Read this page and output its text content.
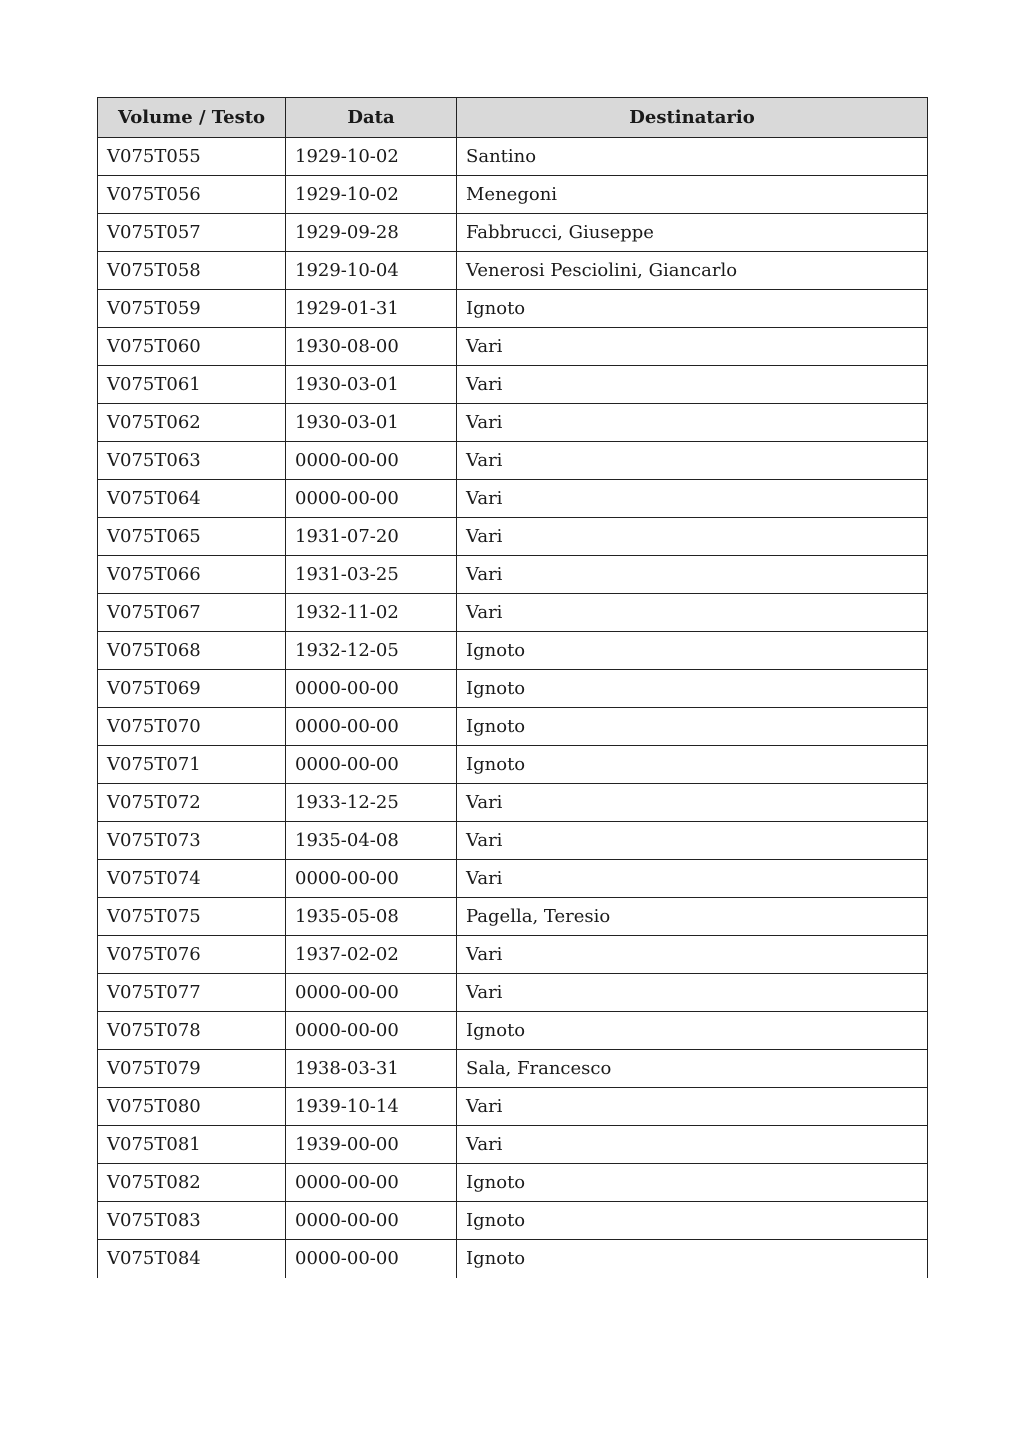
Volume / Testo	Data	Destinatario
V075T055	1929-10-02	Santino
V075T056	1929-10-02	Menegoni
V075T057	1929-09-28	Fabbrucci, Giuseppe
V075T058	1929-10-04	Venerosi Pesciolini, Giancarlo
V075T059	1929-01-31	Ignoto
V075T060	1930-08-00	Vari
V075T061	1930-03-01	Vari
V075T062	1930-03-01	Vari
V075T063	0000-00-00	Vari
V075T064	0000-00-00	Vari
V075T065	1931-07-20	Vari
V075T066	1931-03-25	Vari
V075T067	1932-11-02	Vari
V075T068	1932-12-05	Ignoto
V075T069	0000-00-00	Ignoto
V075T070	0000-00-00	Ignoto
V075T071	0000-00-00	Ignoto
V075T072	1933-12-25	Vari
V075T073	1935-04-08	Vari
V075T074	0000-00-00	Vari
V075T075	1935-05-08	Pagella, Teresio
V075T076	1937-02-02	Vari
V075T077	0000-00-00	Vari
V075T078	0000-00-00	Ignoto
V075T079	1938-03-31	Sala, Francesco
V075T080	1939-10-14	Vari
V075T081	1939-00-00	Vari
V075T082	0000-00-00	Ignoto
V075T083	0000-00-00	Ignoto
V075T084	0000-00-00	Ignoto
